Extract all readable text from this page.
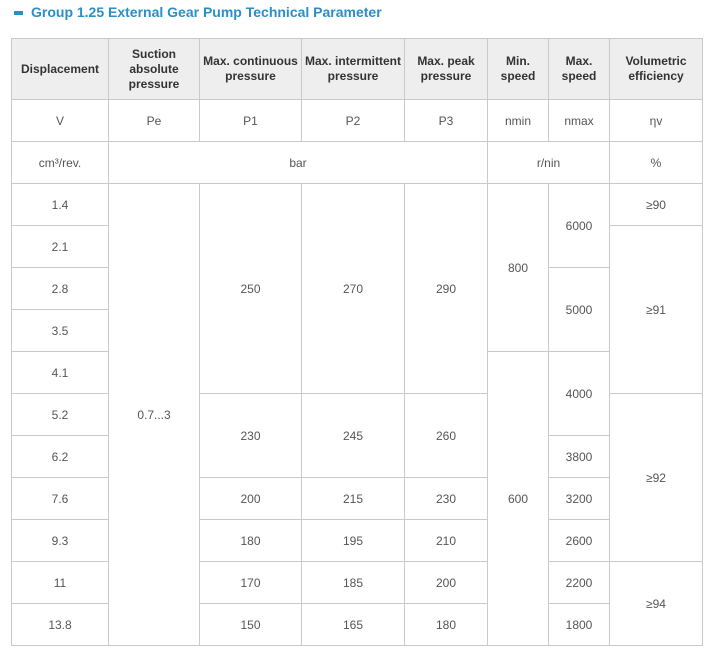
Group 1.25 External Gear Pump Technical Parameter
Displacement	Suction absolute pressure	Max. continuous pressure	Max. intermittent pressure	Max. peak pressure	Min. speed	Max. speed	Volumetric efficiency
V	Pe	P1	P2	P3	nmin	nmax	ηv
cm³/rev.	bar				r/nin		%
1.4	0.7...3	250	270	290	800	6000	≥90
2.1							≥91
2.8						5000	
3.5							
4.1					600	4000	
5.2		230	245	260			≥92
6.2						3800	
7.6		200	215	230		3200	
9.3		180	195	210		2600	
11		170	185	200		2200	≥94
13.8		150	165	180		1800	
